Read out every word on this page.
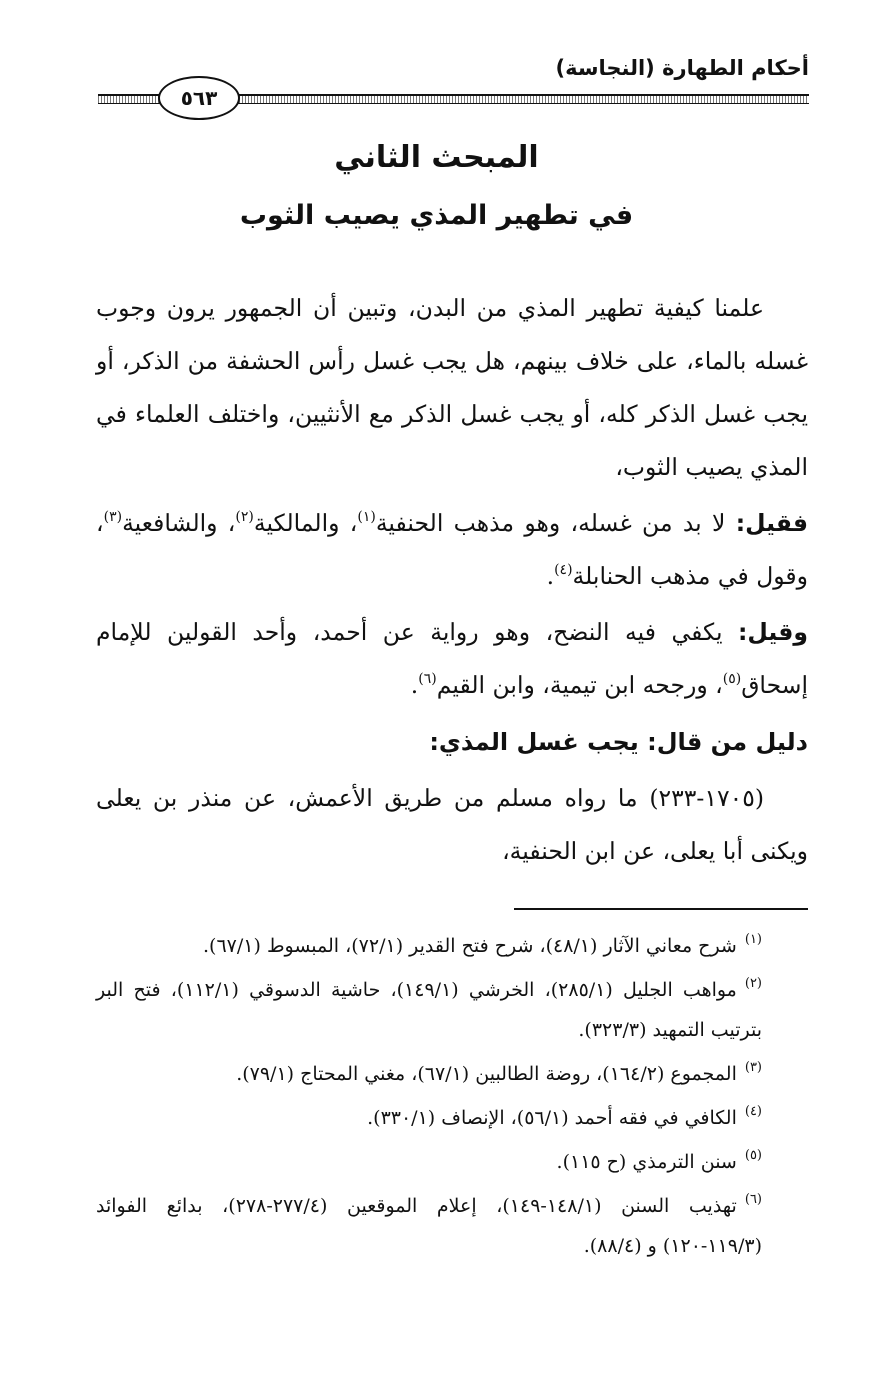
أحكام الطهارة (النجاسة)
٥٦٣
المبحث الثاني
في تطهير المذي يصيب الثوب

علمنا كيفية تطهير المذي من البدن، وتبين أن الجمهور يرون وجوب غسله بالماء، على خلاف بينهم، هل يجب غسل رأس الحشفة من الذكر، أو يجب غسل الذكر كله، أو يجب غسل الذكر مع الأنثيين، واختلف العلماء في المذي يصيب الثوب،

فقيل: لا بد من غسله، وهو مذهب الحنفية$^{(١)}$، والمالكية$^{(٢)}$، والشافعية$^{(٣)}$، وقول في مذهب الحنابلة$^{(٤)}$.

وقيل: يكفي فيه النضح، وهو رواية عن أحمد، وأحد القولين للإمام إسحاق$^{(٥)}$، ورجحه ابن تيمية، وابن القيم$^{(٦)}$.

دليل من قال: يجب غسل المذي:

(١٧٠٥-٢٣٣) ما رواه مسلم من طريق الأعمش، عن منذر بن يعلى ويكنى أبا يعلى، عن ابن الحنفية،

$^{(١)}$شرح معاني الآثار (٤٨/١)، شرح فتح القدير (٧٢/١)، المبسوط (٦٧/١).

$^{(٢)}$مواهب الجليل (٢٨٥/١)، الخرشي (١٤٩/١)، حاشية الدسوقي (١١٢/١)، فتح البر بترتيب التمهيد (٣٢٣/٣).

$^{(٣)}$المجموع (١٦٤/٢)، روضة الطالبين (٦٧/١)، مغني المحتاج (٧٩/١).

$^{(٤)}$الكافي في فقه أحمد (٥٦/١)، الإنصاف (٣٣٠/١).

$^{(٥)}$سنن الترمذي (ح ١١٥).

$^{(٦)}$تهذيب السنن (١٤٨/١-١٤٩)، إعلام الموقعين (٢٧٧/٤-٢٧٨)، بدائع الفوائد (١١٩/٣-١٢٠) و (٨٨/٤).
